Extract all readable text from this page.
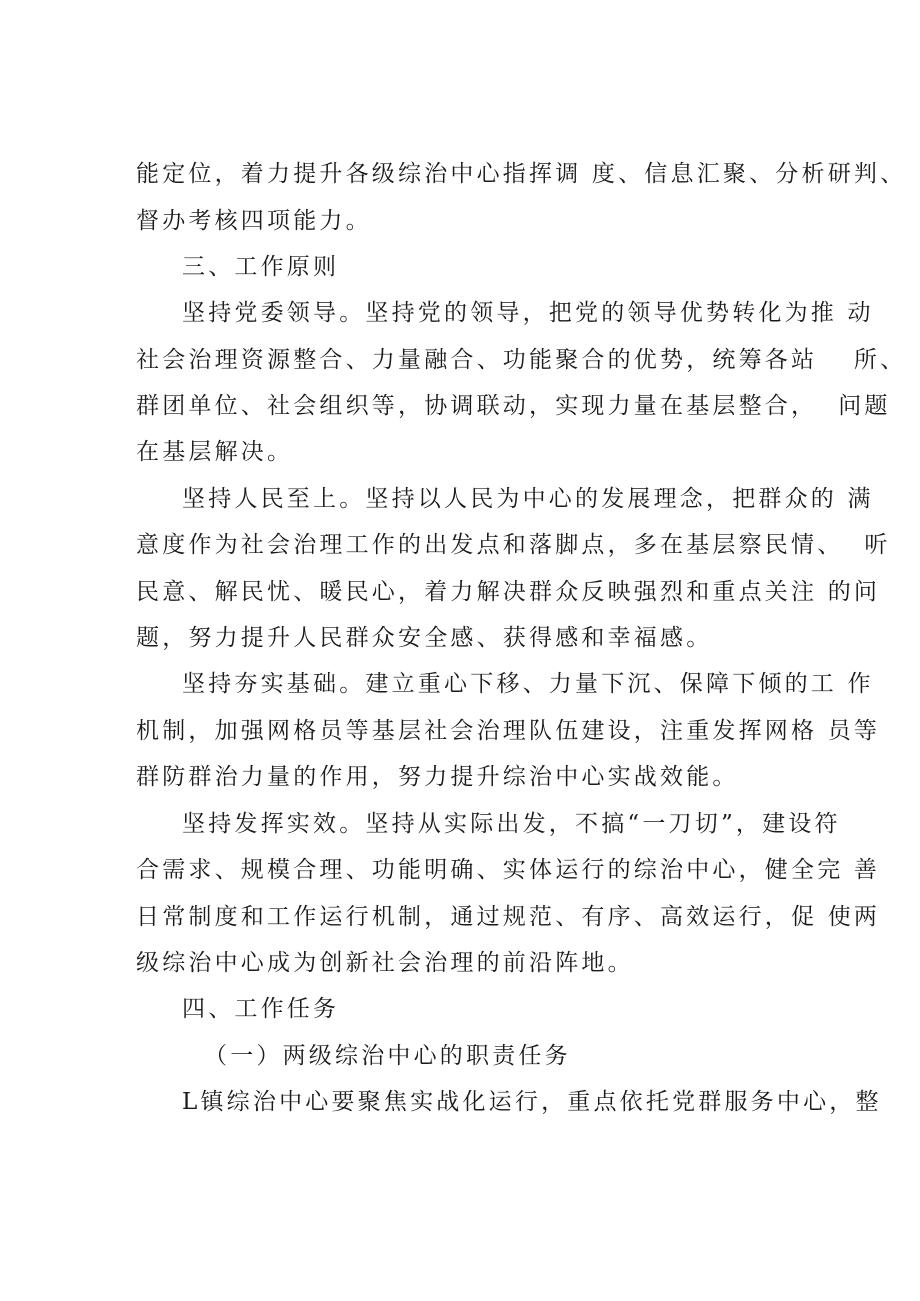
能定位，着力提升各级综治中心指挥调 度、信息汇聚、分析研判、
督办考核四项能力。
三、工作原则
坚持党委领导。坚持党的领导，把党的领导优势转化为推 动
社会治理资源整合、力量融合、功能聚合的优势，统筹各站　 所、
群团单位、社会组织等，协调联动，实现力量在基层整合，  问题
在基层解决。
坚持人民至上。坚持以人民为中心的发展理念，把群众的 满
意度作为社会治理工作的出发点和落脚点，多在基层察民情、  听
民意、解民忧、暖民心，着力解决群众反映强烈和重点关注 的问
题，努力提升人民群众安全感、获得感和幸福感。
坚持夯实基础。建立重心下移、力量下沉、保障下倾的工 作
机制，加强网格员等基层社会治理队伍建设，注重发挥网格 员等
群防群治力量的作用，努力提升综治中心实战效能。
坚持发挥实效。坚持从实际出发，不搞“一刀切”，建设符
合需求、规模合理、功能明确、实体运行的综治中心，健全完 善
日常制度和工作运行机制，通过规范、有序、高效运行，促 使两
级综治中心成为创新社会治理的前沿阵地。
四、工作任务
（一）两级综治中心的职责任务
L镇综治中心要聚焦实战化运行，重点依托党群服务中心，整
